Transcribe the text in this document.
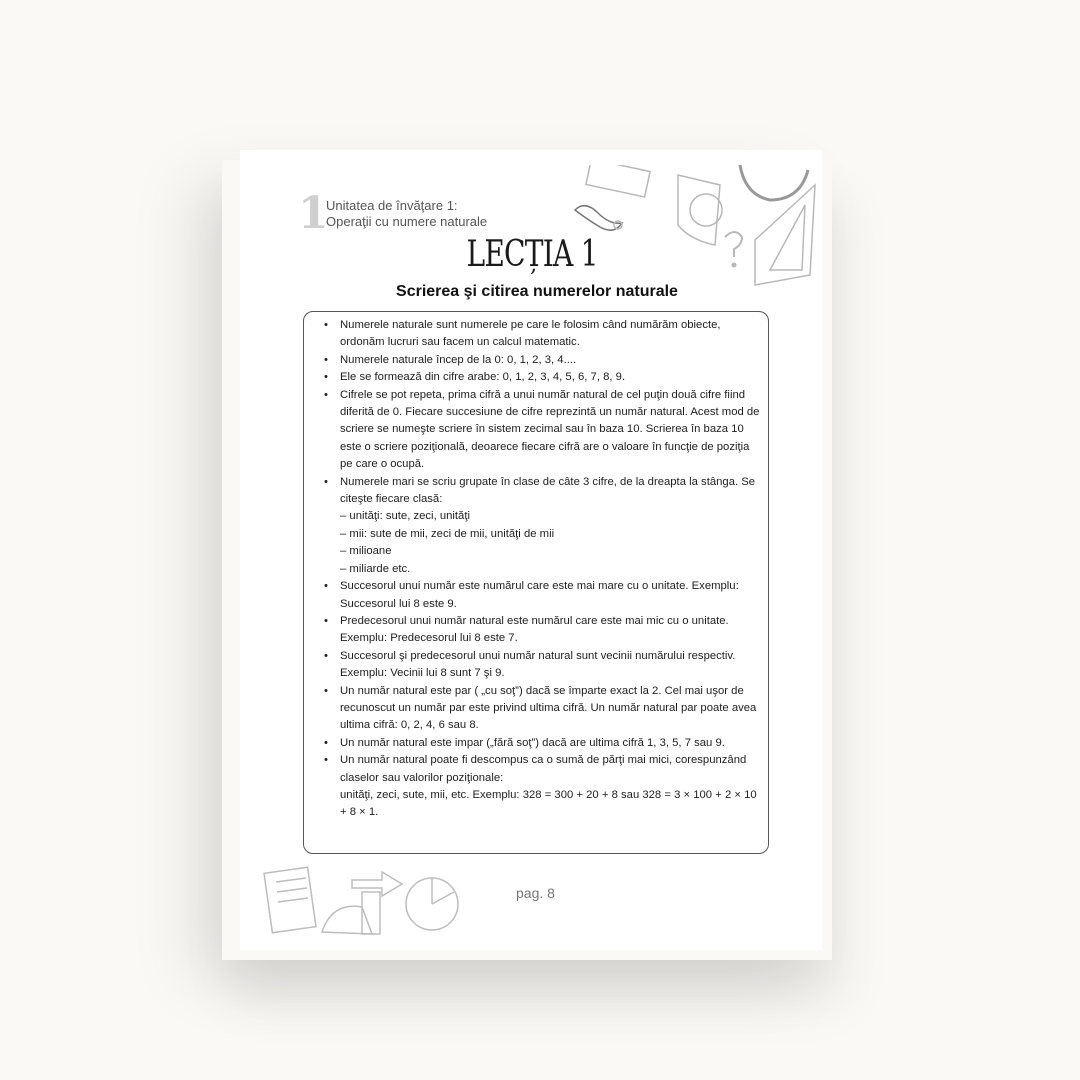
1
Unitatea de învăţare 1:
Operaţii cu numere naturale
LECȚIA 1
Scrierea şi citirea numerelor naturale
• Numerele naturale sunt numerele pe care le folosim când numărăm obiecte, ordonăm lucruri sau facem un calcul matematic.
• Numerele naturale încep de la 0: 0, 1, 2, 3, 4....
• Ele se formează din cifre arabe: 0, 1, 2, 3, 4, 5, 6, 7, 8, 9.
• Cifrele se pot repeta, prima cifră a unui număr natural de cel puţin două cifre fiind diferită de 0. Fiecare succesiune de cifre reprezintă un număr natural. Acest mod de scriere se numeşte scriere în sistem zecimal sau în baza 10. Scrierea în baza 10 este o scriere poziţională, deoarece fiecare cifră are o valoare în funcţie de poziţia pe care o ocupă.
• Numerele mari se scriu grupate în clase de câte 3 cifre, de la dreapta la stânga. Se citeşte fiecare clasă:
– unităţi: sute, zeci, unităţi
– mii: sute de mii, zeci de mii, unităţi de mii
– milioane
– miliarde etc.
• Succesorul unui număr este numărul care este mai mare cu o unitate. Exemplu: Succesorul lui 8 este 9.
• Predecesorul unui număr natural este numărul care este mai mic cu o unitate. Exemplu: Predecesorul lui 8 este 7.
• Succesorul şi predecesorul unui număr natural sunt vecinii numărului respectiv. Exemplu: Vecinii lui 8 sunt 7 şi 9.
• Un număr natural este par ( „cu soţ”) dacă se împarte exact la 2. Cel mai uşor de recunoscut un număr par este privind ultima cifră. Un număr natural par poate avea ultima cifră: 0, 2, 4, 6 sau 8.
• Un număr natural este impar („fără soţ”) dacă are ultima cifră 1, 3, 5, 7 sau 9.
• Un număr natural poate fi descompus ca o sumă de părţi mai mici, corespunzând claselor sau valorilor poziţionale:
unităţi, zeci, sute, mii, etc. Exemplu: 328 = 300 + 20 + 8 sau 328 = 3 × 100 + 2 × 10 + 8 × 1.
pag. 8
